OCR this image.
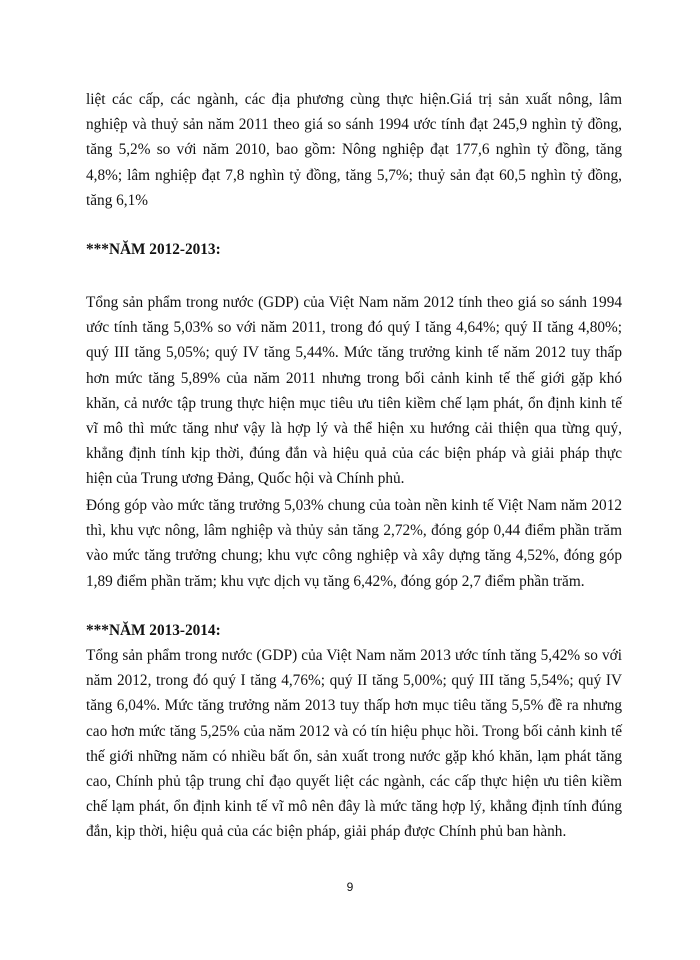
liệt các cấp, các ngành, các địa phương cùng thực hiện.Giá trị sản xuất nông, lâm nghiệp và thuỷ sản năm 2011 theo giá so sánh 1994 ước tính đạt 245,9 nghìn tỷ đồng, tăng 5,2% so với năm 2010, bao gồm: Nông nghiệp đạt 177,6 nghìn tỷ đồng, tăng 4,8%; lâm nghiệp đạt 7,8 nghìn tỷ đồng, tăng 5,7%; thuỷ sản đạt 60,5 nghìn tỷ đồng, tăng 6,1%

***NĂM 2012-2013:

Tổng sản phẩm trong nước (GDP) của Việt Nam năm 2012 tính theo giá so sánh 1994 ước tính tăng 5,03% so với năm 2011, trong đó quý I tăng 4,64%; quý II tăng 4,80%; quý III tăng 5,05%; quý IV tăng 5,44%. Mức tăng trưởng kinh tế năm 2012 tuy thấp hơn mức tăng 5,89% của năm 2011 nhưng trong bối cảnh kinh tế thế giới gặp khó khăn, cả nước tập trung thực hiện mục tiêu ưu tiên kiềm chế lạm phát, ổn định kinh tế vĩ mô thì mức tăng như vậy là hợp lý và thể hiện xu hướng cải thiện qua từng quý, khẳng định tính kịp thời, đúng đắn và hiệu quả của các biện pháp và giải pháp thực hiện của Trung ương Đảng, Quốc hội và Chính phủ.

Đóng góp vào mức tăng trưởng 5,03% chung của toàn nền kinh tế Việt Nam năm 2012 thì, khu vực nông, lâm nghiệp và thủy sản tăng 2,72%, đóng góp 0,44 điểm phần trăm vào mức tăng trưởng chung; khu vực công nghiệp và xây dựng tăng 4,52%, đóng góp 1,89 điểm phần trăm; khu vực dịch vụ tăng 6,42%, đóng góp 2,7 điểm phần trăm.

***NĂM 2013-2014:

Tổng sản phẩm trong nước (GDP) của Việt Nam năm 2013 ước tính tăng 5,42% so với năm 2012, trong đó quý I tăng 4,76%; quý II tăng 5,00%; quý III tăng 5,54%; quý IV tăng 6,04%. Mức tăng trưởng năm 2013 tuy thấp hơn mục tiêu tăng 5,5% đề ra nhưng cao hơn mức tăng 5,25% của năm 2012 và có tín hiệu phục hồi. Trong bối cảnh kinh tế thế giới những năm có nhiều bất ổn, sản xuất trong nước gặp khó khăn, lạm phát tăng cao, Chính phủ tập trung chỉ đạo quyết liệt các ngành, các cấp thực hiện ưu tiên kiềm chế lạm phát, ổn định kinh tế vĩ mô nên đây là mức tăng hợp lý, khẳng định tính đúng đắn, kịp thời, hiệu quả của các biện pháp, giải pháp được Chính phủ ban hành.

9
